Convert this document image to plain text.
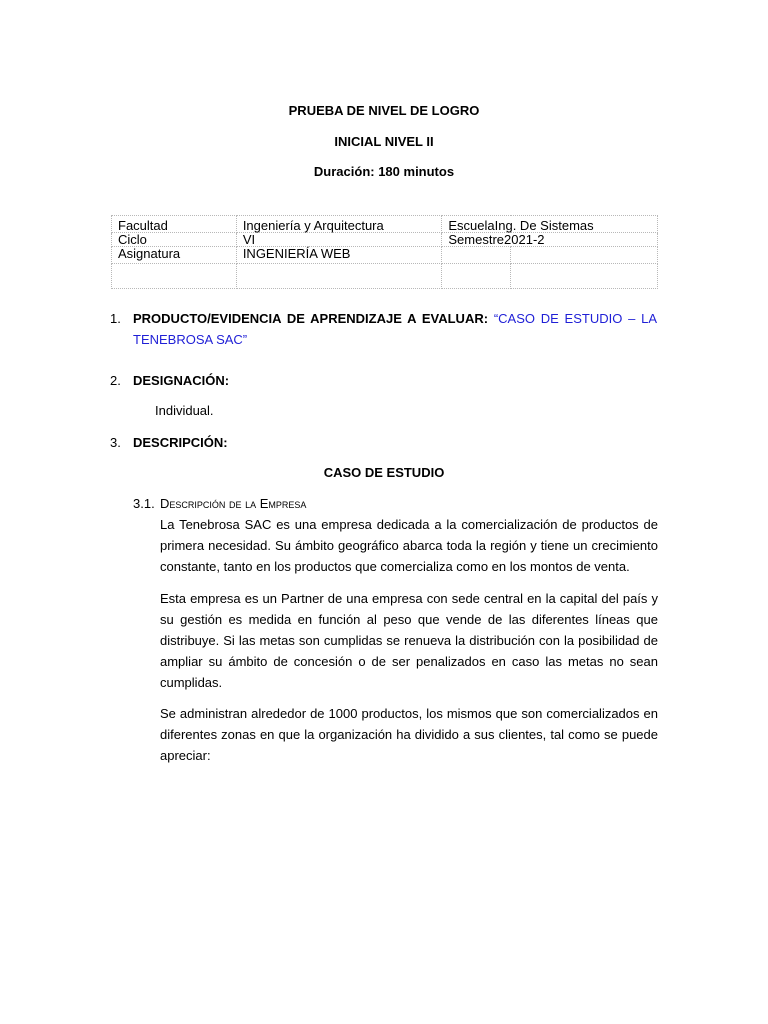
PRUEBA DE NIVEL DE LOGRO
INICIAL NIVEL II
Duración: 180 minutos
Facultad	Ingeniería y Arquitectura	EscuelaIng. De Sistemas	
Ciclo	VI	Semestre2021-2	
Asignatura	INGENIERÍA WEB		

1. PRODUCTO/EVIDENCIA DE APRENDIZAJE A EVALUAR: “CASO DE ESTUDIO – LA
TENEBROSA SAC”
2. DESIGNACIÓN:
Individual.
3. DESCRIPCIÓN:
CASO DE ESTUDIO
3.1. Descripción de la Empresa
La Tenebrosa SAC es una empresa dedicada a la comercialización de productos de primera necesidad. Su ámbito geográfico abarca toda la región y tiene un crecimiento constante, tanto en los productos que comercializa como en los montos de venta.
Esta empresa es un Partner de una empresa con sede central en la capital del país y su gestión es medida en función al peso que vende de las diferentes líneas que distribuye. Si las metas son cumplidas se renueva la distribución con la posibilidad de ampliar su ámbito de concesión o de ser penalizados en caso las metas no sean cumplidas.
Se administran alrededor de 1000 productos, los mismos que son comercializados en diferentes zonas en que la organización ha dividido a sus clientes, tal como se puede apreciar:
